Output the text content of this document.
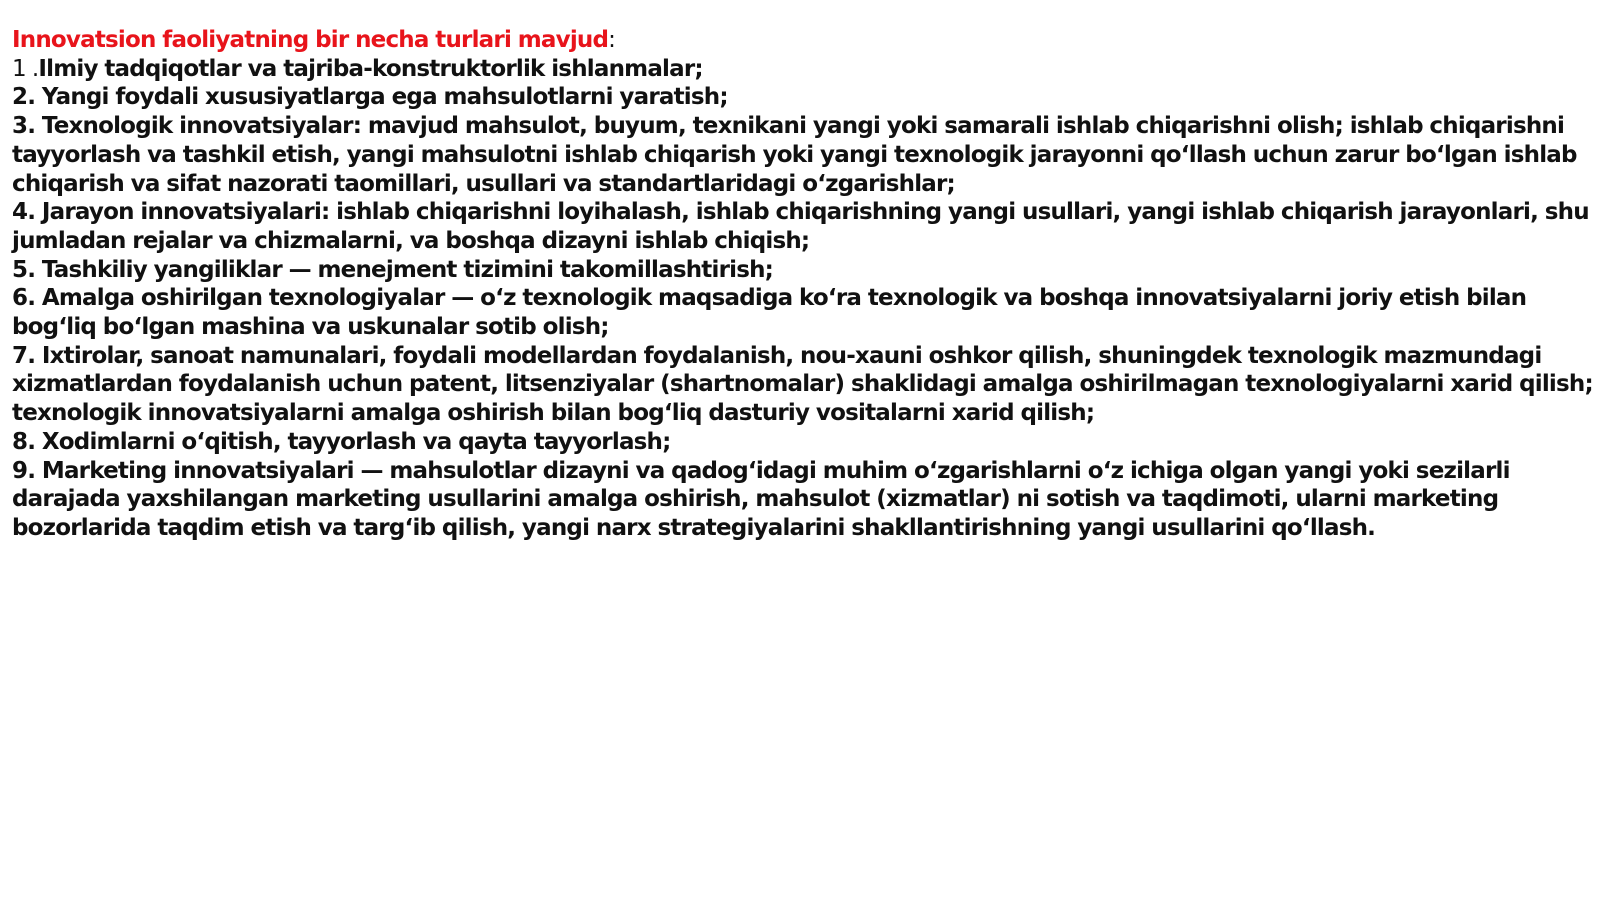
Innovatsion faoliyatning bir necha turlari mavjud:

1 .Ilmiy tadqiqotlar va tajriba-konstruktorlik ishlanmalar;

2. Yangi foydali xususiyatlarga ega mahsulotlarni yaratish;

3. Texnologik innovatsiyalar: mavjud mahsulot, buyum, texnikani yangi yoki samarali ishlab chiqarishni olish; ishlab chiqarishni tayyorlash va tashkil etish, yangi mahsulotni ishlab chiqarish yoki yangi texnologik jarayonni qo‘llash uchun zarur bo‘lgan ishlab chiqarish va sifat nazorati taomillari, usullari va standartlaridagi o‘zgarishlar;

4. Jarayon innovatsiyalari: ishlab chiqarishni loyihalash, ishlab chiqarishning yangi usullari, yangi ishlab chiqarish jarayonlari, shu jumladan rejalar va chizmalarni, va boshqa dizayni ishlab chiqish;

5. Tashkiliy yangiliklar — menejment tizimini takomillashtirish;

6. Amalga oshirilgan texnologiyalar — o‘z texnologik maqsadiga ko‘ra texnologik va boshqa innovatsiyalarni joriy etish bilan bog‘liq bo‘lgan mashina va uskunalar sotib olish;

7. Ixtirolar, sanoat namunalari, foydali modellardan foydalanish, nou-xauni oshkor qilish, shuningdek texnologik mazmundagi xizmatlardan foydalanish uchun patent, litsenziyalar (shartnomalar) shaklidagi amalga oshirilmagan texnologiyalarni xarid qilish; texnologik innovatsiyalarni amalga oshirish bilan bog‘liq dasturiy vositalarni xarid qilish;

8. Xodimlarni o‘qitish, tayyorlash va qayta tayyorlash;

9. Marketing innovatsiyalari — mahsulotlar dizayni va qadog‘idagi muhim o‘zgarishlarni o‘z ichiga olgan yangi yoki sezilarli darajada yaxshilangan marketing usullarini amalga oshirish, mahsulot (xizmatlar) ni sotish va taqdimoti, ularni marketing bozorlarida taqdim etish va targ‘ib qilish, yangi narx strategiyalarini shakllantirishning yangi usullarini qo‘llash.
